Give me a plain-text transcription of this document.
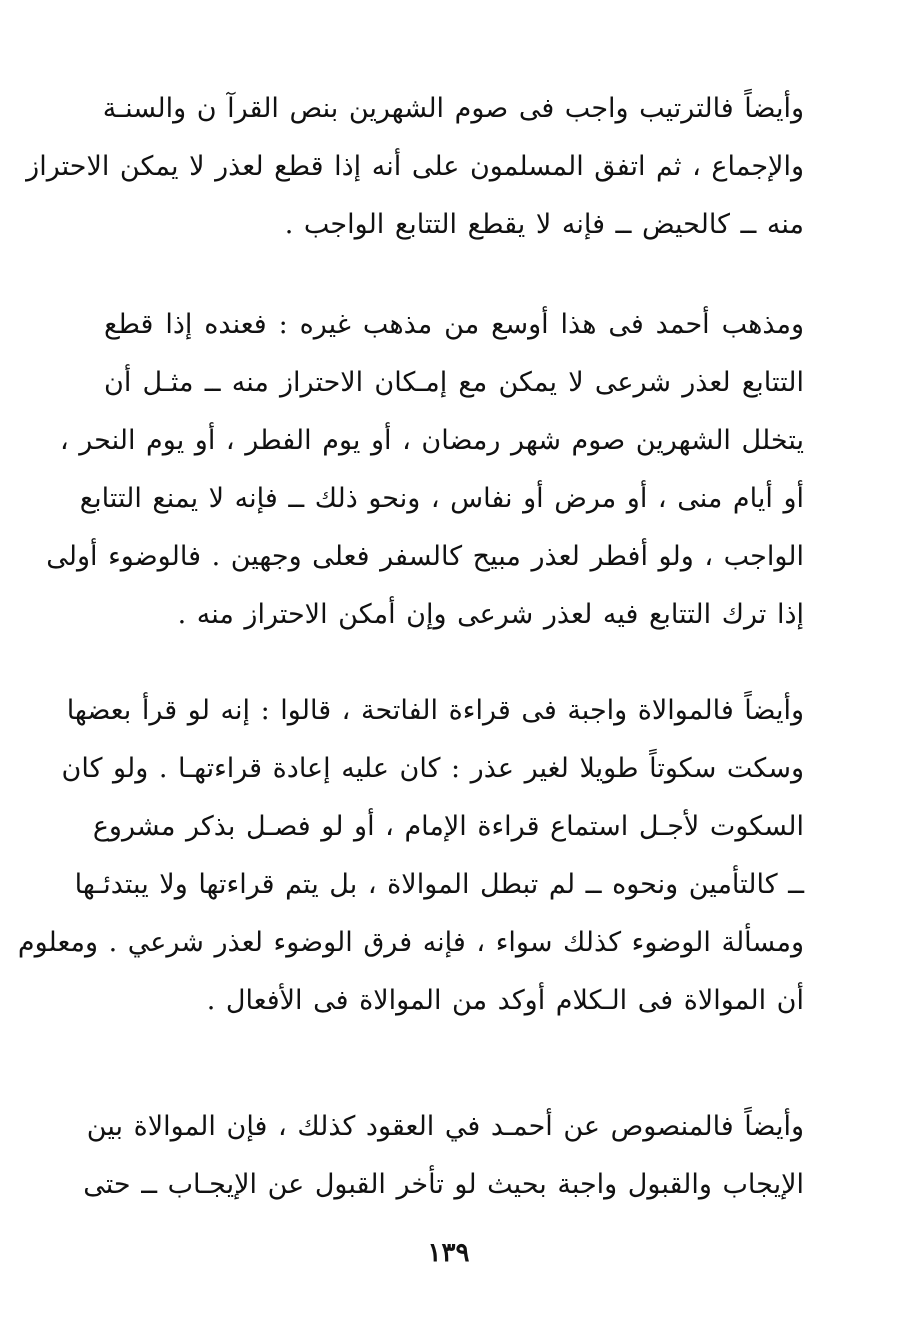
وأيضاً فالترتيب واجب فى صوم الشهرين بنص القرآ ن والسنـة
والإجماع ، ثم اتفق المسلمون على أنه إذا قطع لعذر لا يمكن الاحتراز
منه ــ كالحيض ــ فإنه لا يقطع التتابع الواجب .
ومذهب أحمد فى هذا أوسع من مذهب غيره : فعنده إذا قطع
التتابع لعذر شرعى لا يمكن مع إمـكان الاحتراز منه ــ مثـل أن
يتخلل الشهرين صوم شهر رمضان ، أو يوم الفطر ، أو يوم النحر ،
أو أيام منى ، أو مرض أو نفاس ، ونحو ذلك ــ فإنه لا يمنع التتابع
الواجب ، ولو أفطر لعذر مبيح كالسفر فعلى وجهين . فالوضوء أولى
إذا ترك التتابع فيه لعذر شرعى وإن أمكن الاحتراز منه .
وأيضاً فالموالاة واجبة فى قراءة الفاتحة ، قالوا : إنه لو قرأ بعضها
وسكت سكوتاً طويلا لغير عذر : كان عليه إعادة قراءتهـا . ولو كان
السكوت لأجـل استماع قراءة الإمام ، أو لو فصـل بذكر مشروع
ــ كالتأمين ونحوه ــ لم تبطل الموالاة ، بل يتم قراءتها ولا يبتدئـها
ومسألة الوضوء كذلك سواء ، فإنه فرق الوضوء لعذر شرعي . ومعلوم
أن الموالاة فى الـكلام أوكد من الموالاة فى الأفعال .
وأيضاً فالمنصوص عن أحمـد في العقود كذلك ، فإن الموالاة بين
الإيجاب والقبول واجبة بحيث لو تأخر القبول عن الإيجـاب ــ حتى
١٣٩
